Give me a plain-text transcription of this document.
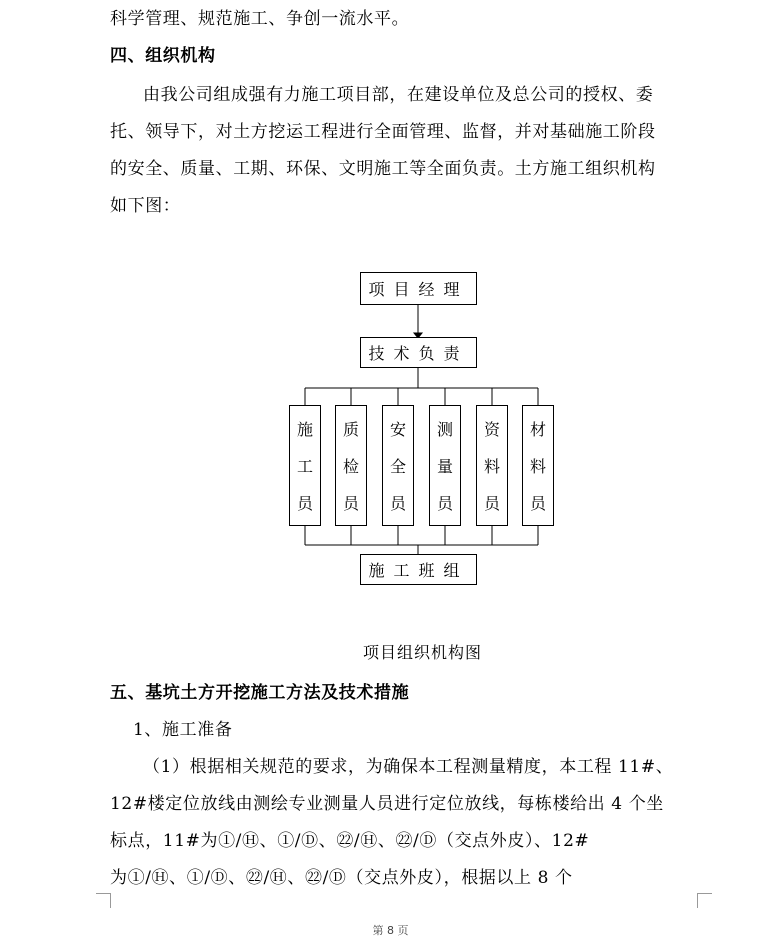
科学管理、规范施工、争创一流水平。
四、组织机构
由我公司组成强有力施工项目部，在建设单位及总公司的授权、委
托、领导下，对土方挖运工程进行全面管理、监督，并对基础施工阶段
的安全、质量、工期、环保、文明施工等全面负责。土方施工组织机构
如下图：
项目经理
技术负责
施
工
员
质
检
员
安
全
员
测
量
员
资
料
员
材
料
员
施工班组
项目组织机构图
五、基坑土方开挖施工方法及技术措施
1、施工准备
（1）根据相关规范的要求，为确保本工程测量精度，本工程 11#、
12#楼定位放线由测绘专业测量人员进行定位放线，每栋楼给出 4 个坐
标点，11#为①/Ⓗ、①/Ⓓ、㉒/Ⓗ、㉒/Ⓓ（交点外皮）、12#
为①/Ⓗ、①/Ⓓ、㉒/Ⓗ、㉒/Ⓓ（交点外皮），根据以上 8 个
第 8 页
